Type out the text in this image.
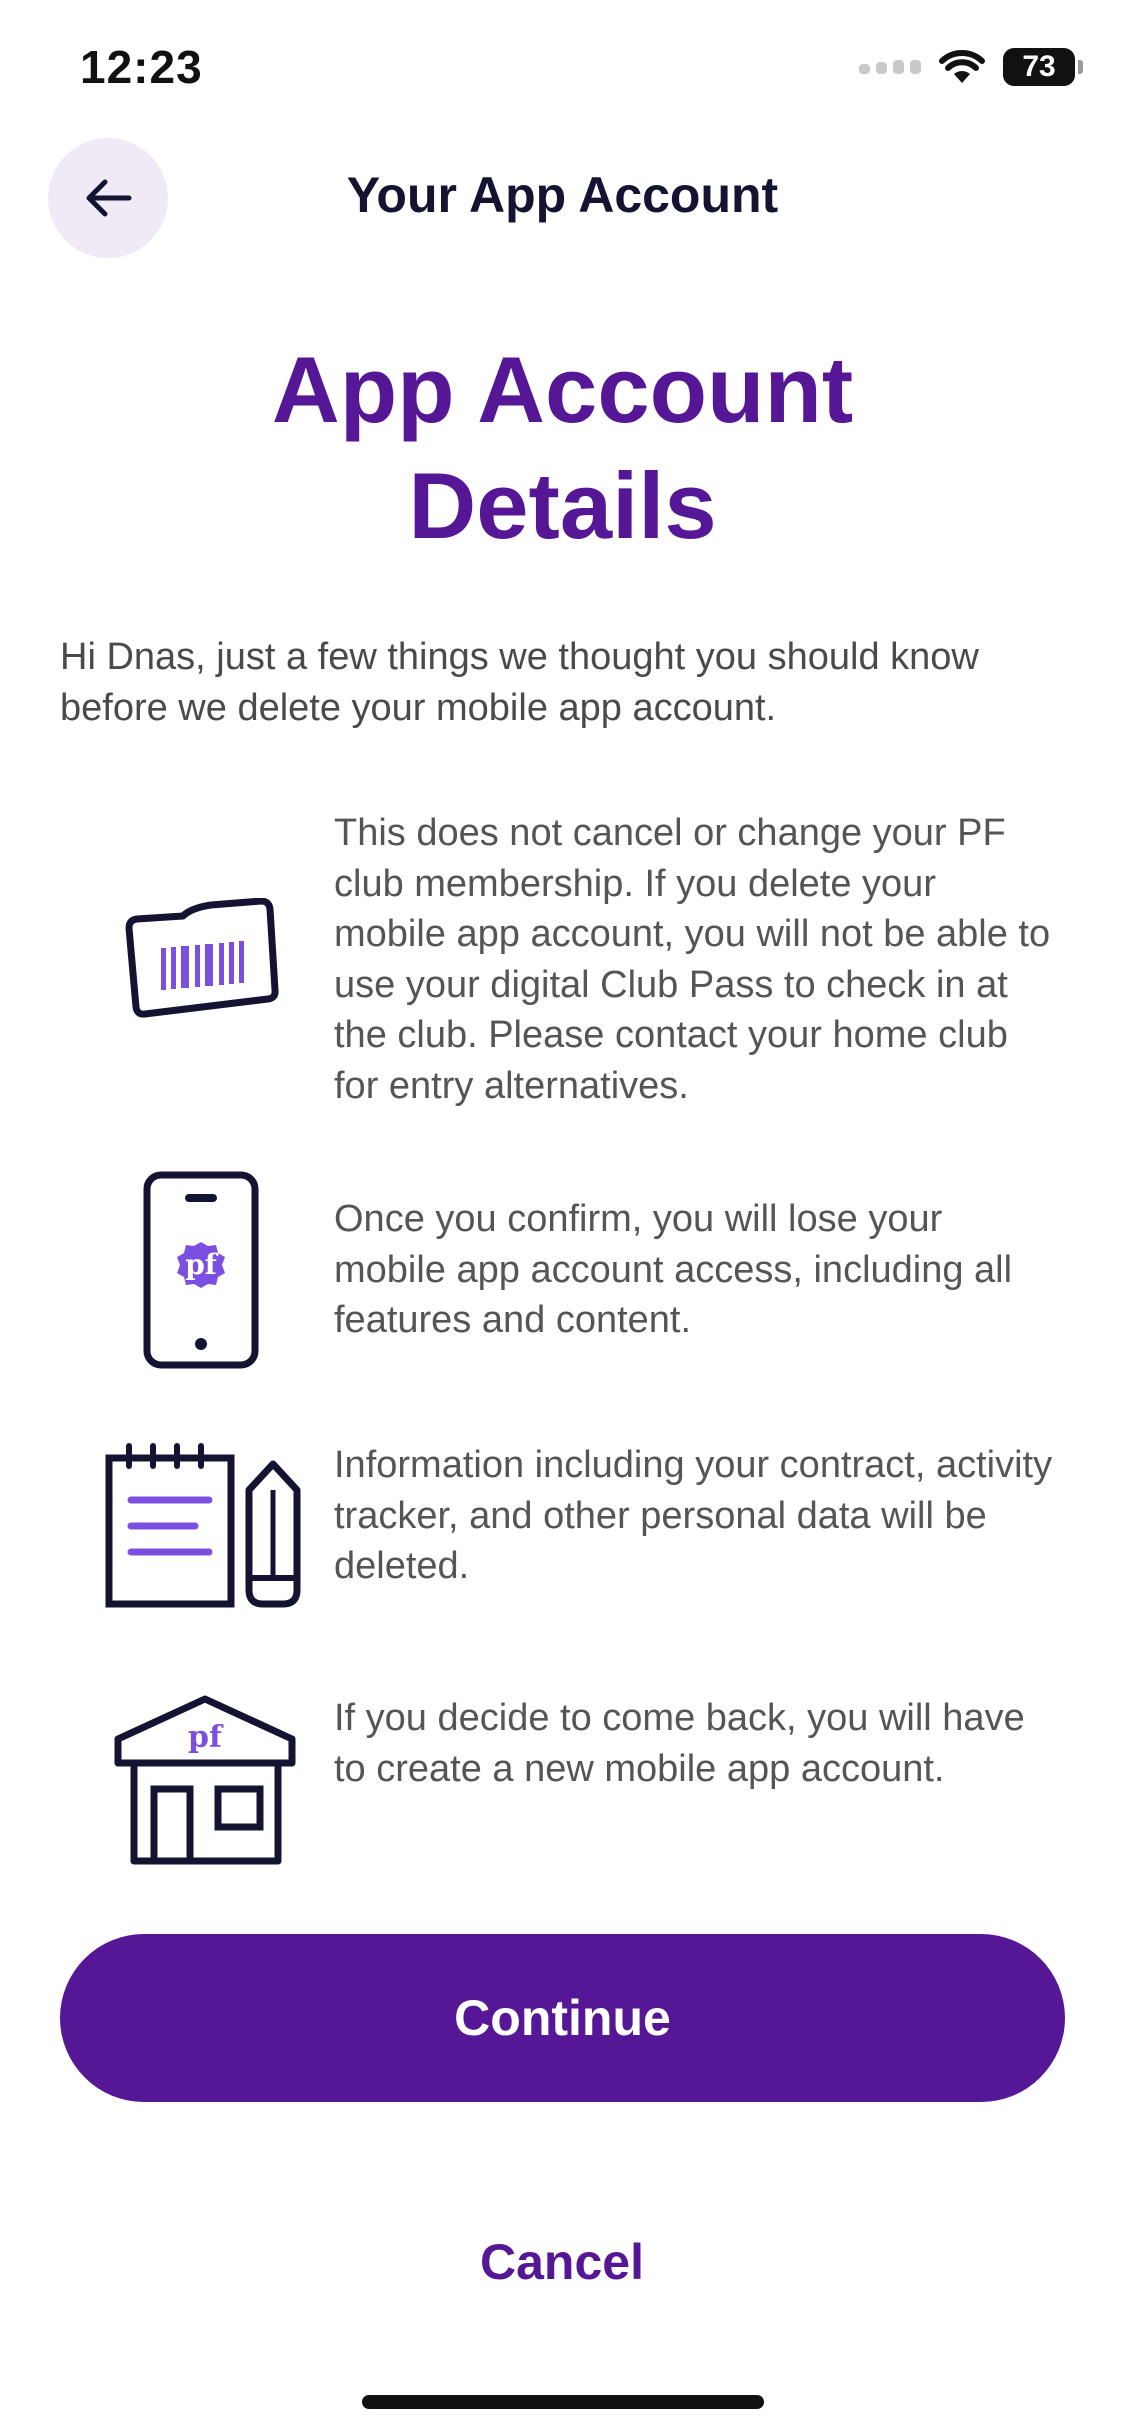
12:23	73
Your App Account
App Account
Details
Hi Dnas, just a few things we thought you should know before we delete your mobile app account.
This does not cancel or change your PF club membership. If you delete your mobile app account, you will not be able to use your digital Club Pass to check in at the club. Please contact your home club for entry alternatives.
pf
Once you confirm, you will lose your mobile app account access, including all features and content.
Information including your contract, activity tracker, and other personal data will be deleted.
pf	If you decide to come back, you will have to create a new mobile app account.
Continue
Cancel
